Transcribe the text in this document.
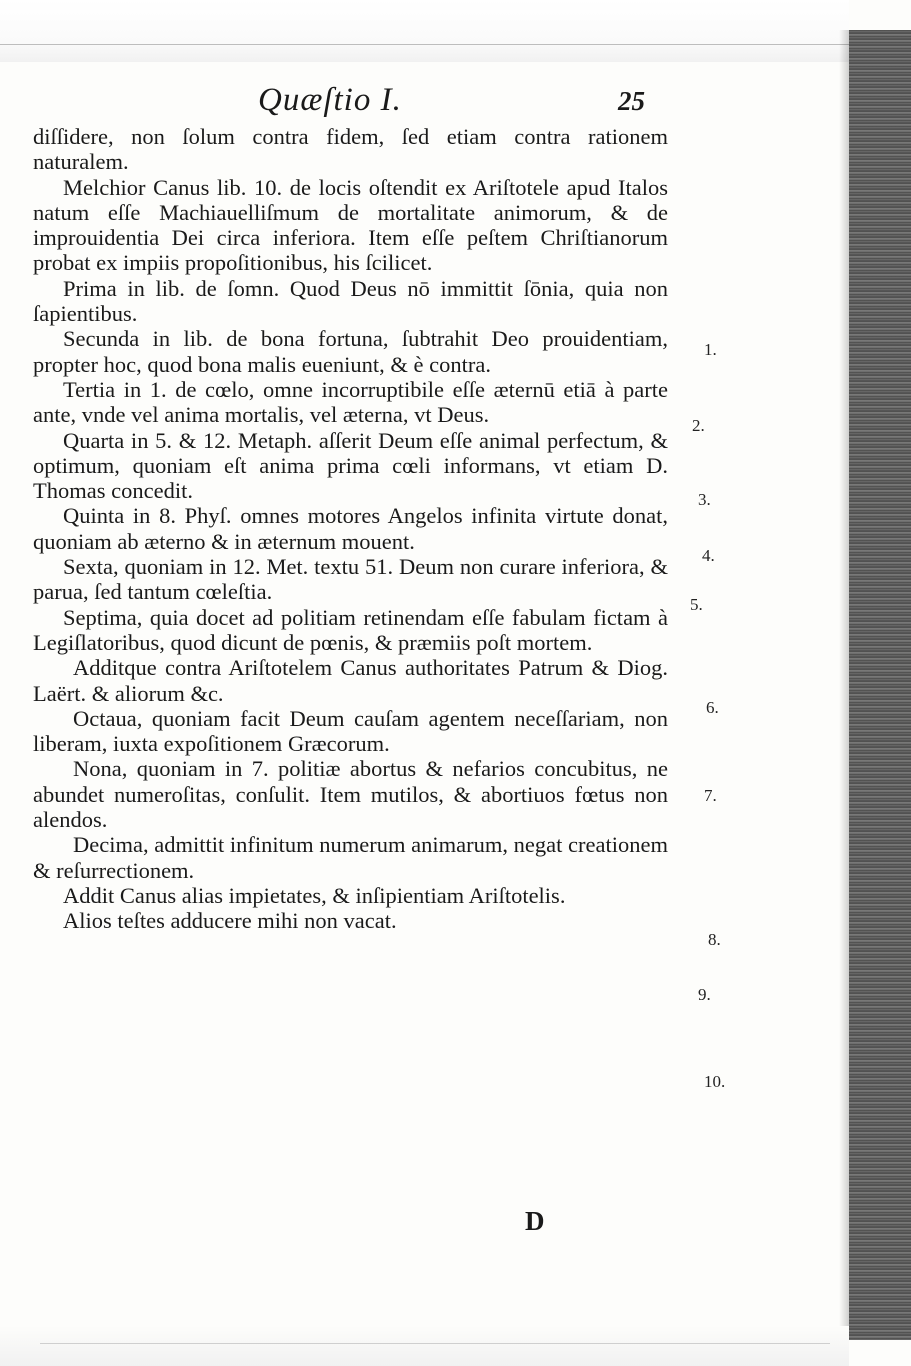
Quæſtio I.	25

diſſidere, non ſolum contra fidem, ſed etiam contra rationem naturalem.

Melchior Canus lib. 10. de locis oſtendit ex Ariſtotele apud Italos natum eſſe Machiauelliſmum de mortalitate animorum, & de improuidentia Dei circa inferiora. Item eſſe peſtem Chriſtianorum probat ex impiis propoſitionibus, his ſcilicet.

Prima in lib. de ſomn. Quod Deus nō immittit ſōnia, quia non ſapientibus.

Secunda in lib. de bona fortuna, ſubtrahit Deo prouidentiam, propter hoc, quod bona malis eueniunt, & è contra.

Tertia in 1. de cœlo, omne incorruptibile eſſe æternū etiā à parte ante, vnde vel anima mortalis, vel æterna, vt Deus.

Quarta in 5. & 12. Metaph. aſſerit Deum eſſe animal perfectum, & optimum, quoniam eſt anima prima cœli informans, vt etiam D. Thomas concedit.

Quinta in 8. Phyſ. omnes motores Angelos infinita virtute donat, quoniam ab æterno & in æternum mouent.

Sexta, quoniam in 12. Met. textu 51. Deum non curare inferiora, & parua, ſed tantum cœleſtia.

Septima, quia docet ad politiam retinendam eſſe fabulam fictam à Legiſlatoribus, quod dicunt de pœnis, & præmiis poſt mortem.

Additque contra Ariſtotelem Canus authoritates Patrum & Diog. Laërt. & aliorum &c.

Octaua, quoniam facit Deum cauſam agentem neceſſariam, non liberam, iuxta expoſitionem Græcorum.

Nona, quoniam in 7. politiæ abortus & nefarios concubitus, ne abundet numeroſitas, conſulit. Item mutilos, & abortiuos fœtus non alendos.

Decima, admittit infinitum numerum animarum, negat creationem & reſurrectionem.

Addit Canus alias impietates, & inſipientiam Ariſtotelis.

Alios teſtes adducere mihi non vacat.

1.
2.
3.
4.
5.
6.
7.
8.
9.
10.
D
